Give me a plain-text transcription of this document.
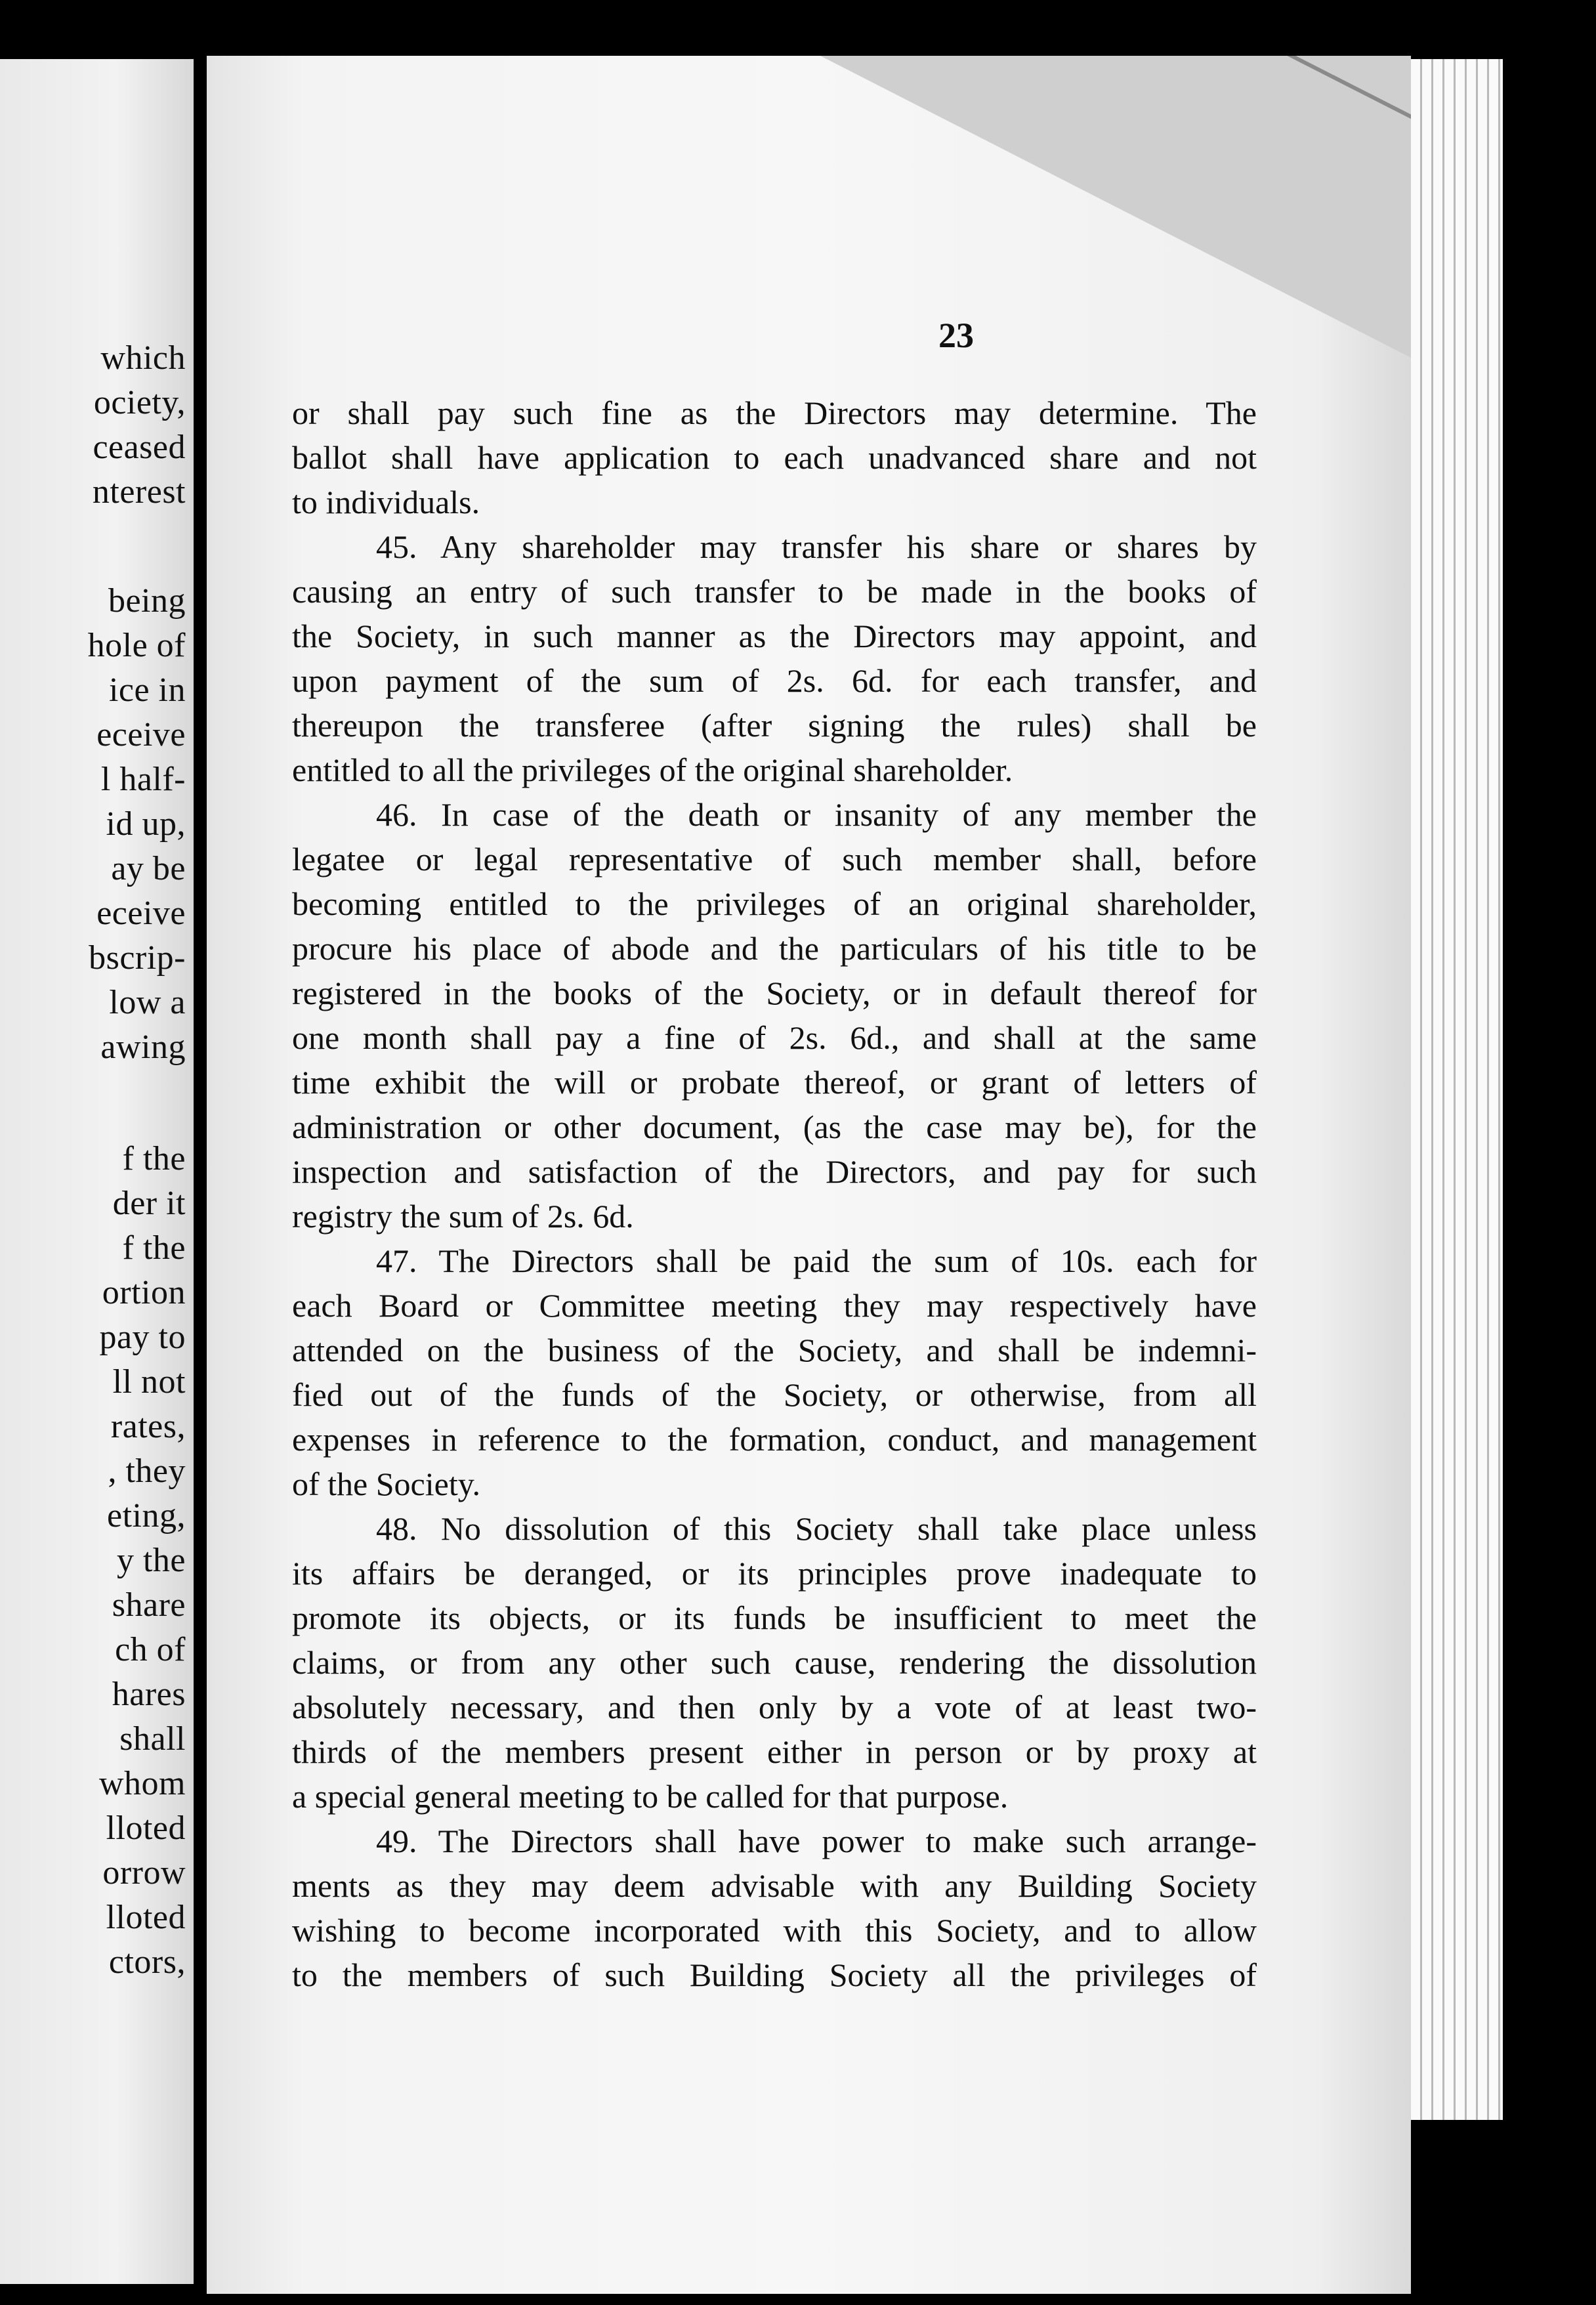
which
ociety,
ceased
nterest
being
hole of
ice in
eceive
l half-
id up,
ay be
eceive
bscrip-
low a
awing
f the
der it
f the
ortion
pay to
ll not
rates,
, they
eting,
y the
share
ch of
hares
shall
whom
lloted
orrow
lloted
ctors,
23
or shall pay such fine as the Directors may determine. The
ballot shall have application to each unadvanced share and not
to individuals.
45. Any shareholder may transfer his share or shares by
causing an entry of such transfer to be made in the books of
the Society, in such manner as the Directors may appoint, and
upon payment of the sum of 2s. 6d. for each transfer, and
thereupon the transferee (after signing the rules) shall be
entitled to all the privileges of the original shareholder.
46. In case of the death or insanity of any member the
legatee or legal representative of such member shall, before
becoming entitled to the privileges of an original shareholder,
procure his place of abode and the particulars of his title to be
registered in the books of the Society, or in default thereof for
one month shall pay a fine of 2s. 6d., and shall at the same
time exhibit the will or probate thereof, or grant of letters of
administration or other document, (as the case may be), for the
inspection and satisfaction of the Directors, and pay for such
registry the sum of 2s. 6d.
47. The Directors shall be paid the sum of 10s. each for
each Board or Committee meeting they may respectively have
attended on the business of the Society, and shall be indemni-
fied out of the funds of the Society, or otherwise, from all
expenses in reference to the formation, conduct, and management
of the Society.
48. No dissolution of this Society shall take place unless
its affairs be deranged, or its principles prove inadequate to
promote its objects, or its funds be insufficient to meet the
claims, or from any other such cause, rendering the dissolution
absolutely necessary, and then only by a vote of at least two-
thirds of the members present either in person or by proxy at
a special general meeting to be called for that purpose.
49. The Directors shall have power to make such arrange-
ments as they may deem advisable with any Building Society
wishing to become incorporated with this Society, and to allow
to the members of such Building Society all the privileges of
